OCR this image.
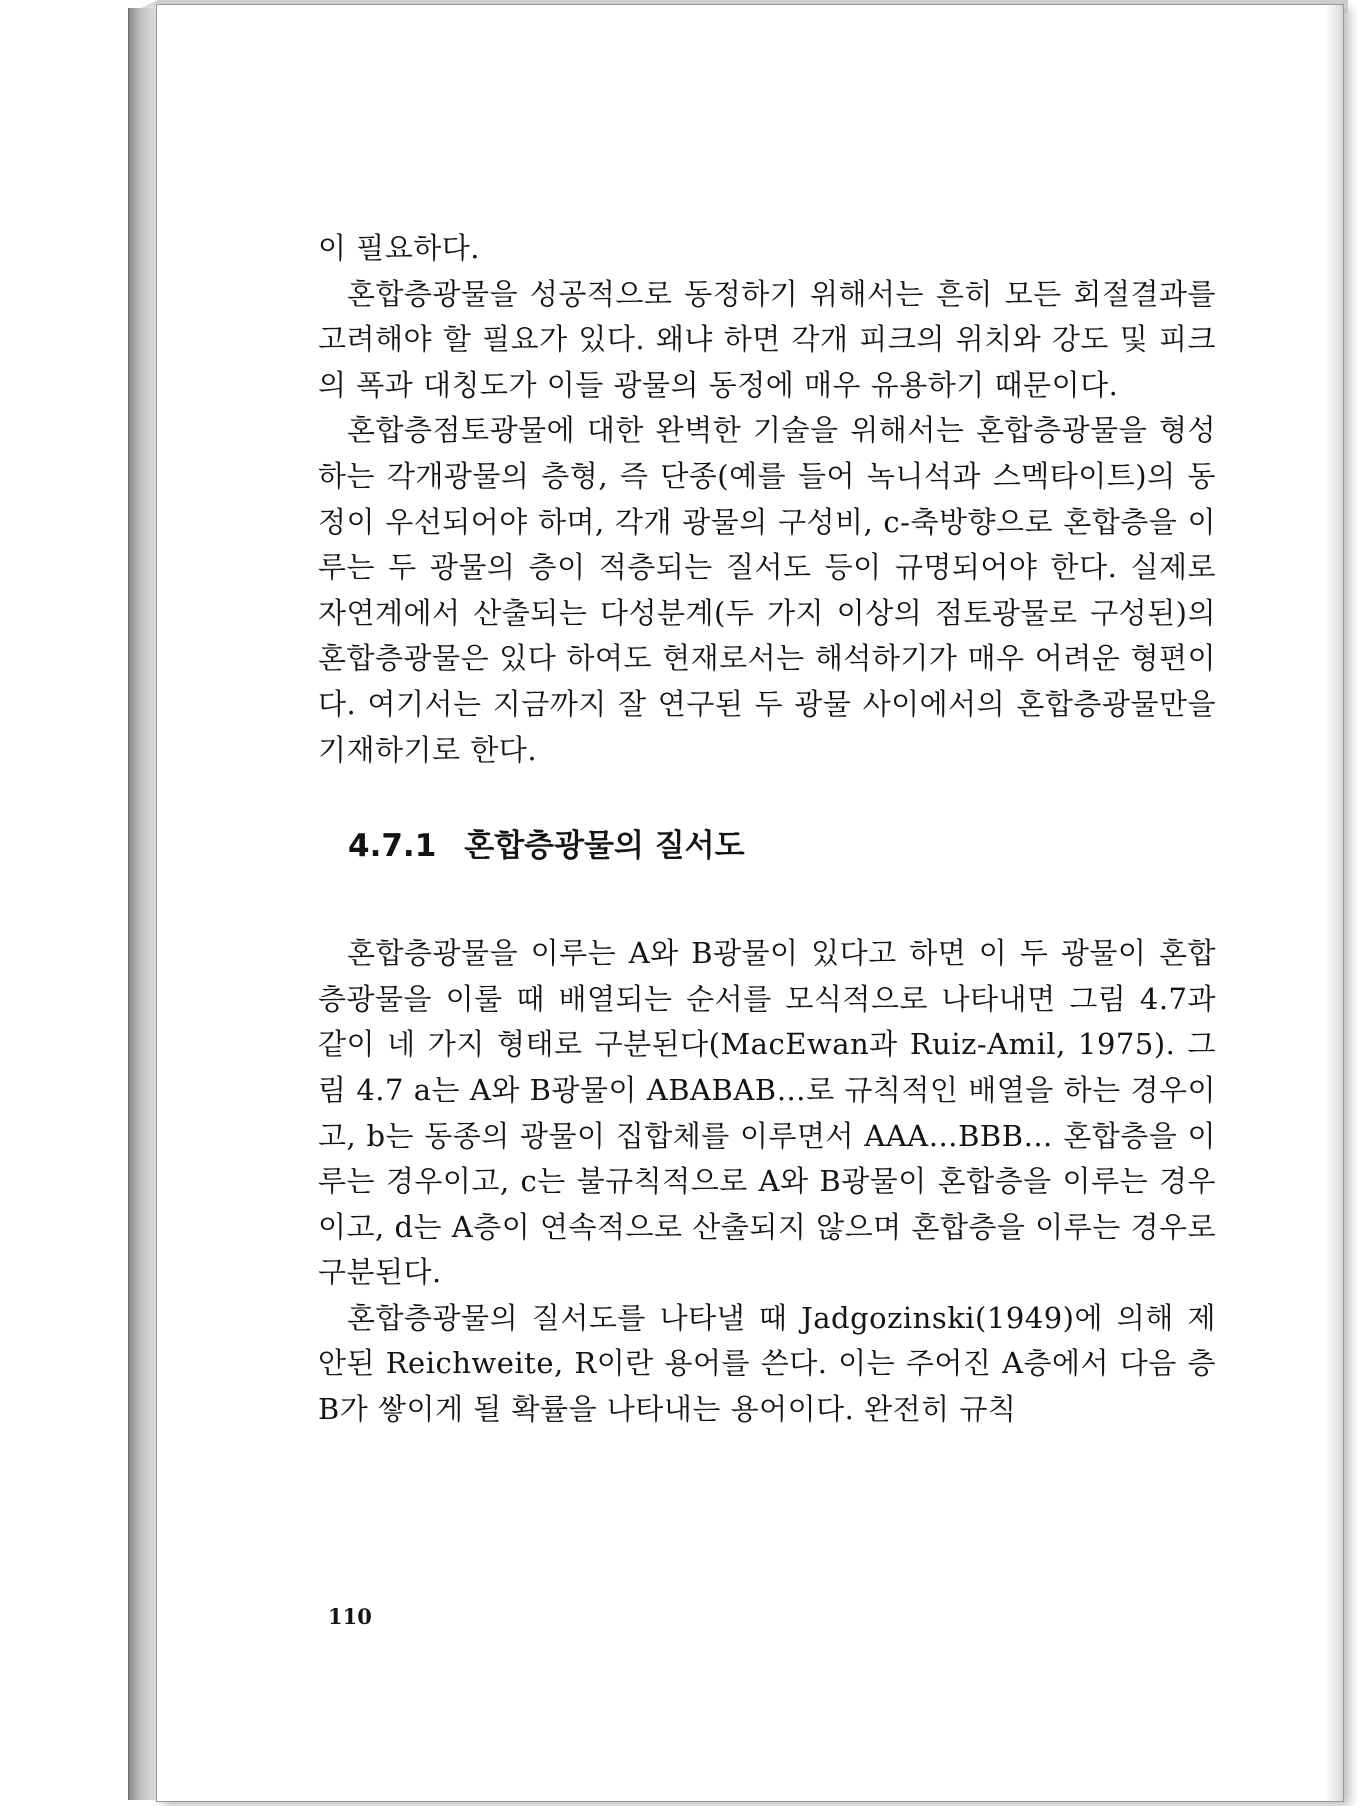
이 필요하다.

혼합층광물을 성공적으로 동정하기 위해서는 흔히 모든 회절결과를 고려해야 할 필요가 있다. 왜냐 하면 각개 피크의 위치와 강도 및 피크의 폭과 대칭도가 이들 광물의 동정에 매우 유용하기 때문이다.

혼합층점토광물에 대한 완벽한 기술을 위해서는 혼합층광물을 형성하는 각개광물의 층형, 즉 단종(예를 들어 녹니석과 스멕타이트)의 동정이 우선되어야 하며, 각개 광물의 구성비, c-축방향으로 혼합층을 이루는 두 광물의 층이 적층되는 질서도 등이 규명되어야 한다. 실제로 자연계에서 산출되는 다성분계(두 가지 이상의 점토광물로 구성된)의 혼합층광물은 있다 하여도 현재로서는 해석하기가 매우 어려운 형편이다. 여기서는 지금까지 잘 연구된 두 광물 사이에서의 혼합층광물만을 기재하기로 한다.

4.7.1 혼합층광물의 질서도

혼합층광물을 이루는 A와 B광물이 있다고 하면 이 두 광물이 혼합층광물을 이룰 때 배열되는 순서를 모식적으로 나타내면 그림 4.7과 같이 네 가지 형태로 구분된다(MacEwan과 Ruiz-Amil, 1975). 그림 4.7 a는 A와 B광물이 ABABAB…로 규칙적인 배열을 하는 경우이고, b는 동종의 광물이 집합체를 이루면서 AAA…BBB… 혼합층을 이루는 경우이고, c는 불규칙적으로 A와 B광물이 혼합층을 이루는 경우이고, d는 A층이 연속적으로 산출되지 않으며 혼합층을 이루는 경우로 구분된다.

혼합층광물의 질서도를 나타낼 때 Jadgozinski(1949)에 의해 제안된 Reichweite, R이란 용어를 쓴다. 이는 주어진 A층에서 다음 층 B가 쌓이게 될 확률을 나타내는 용어이다. 완전히 규칙

110
